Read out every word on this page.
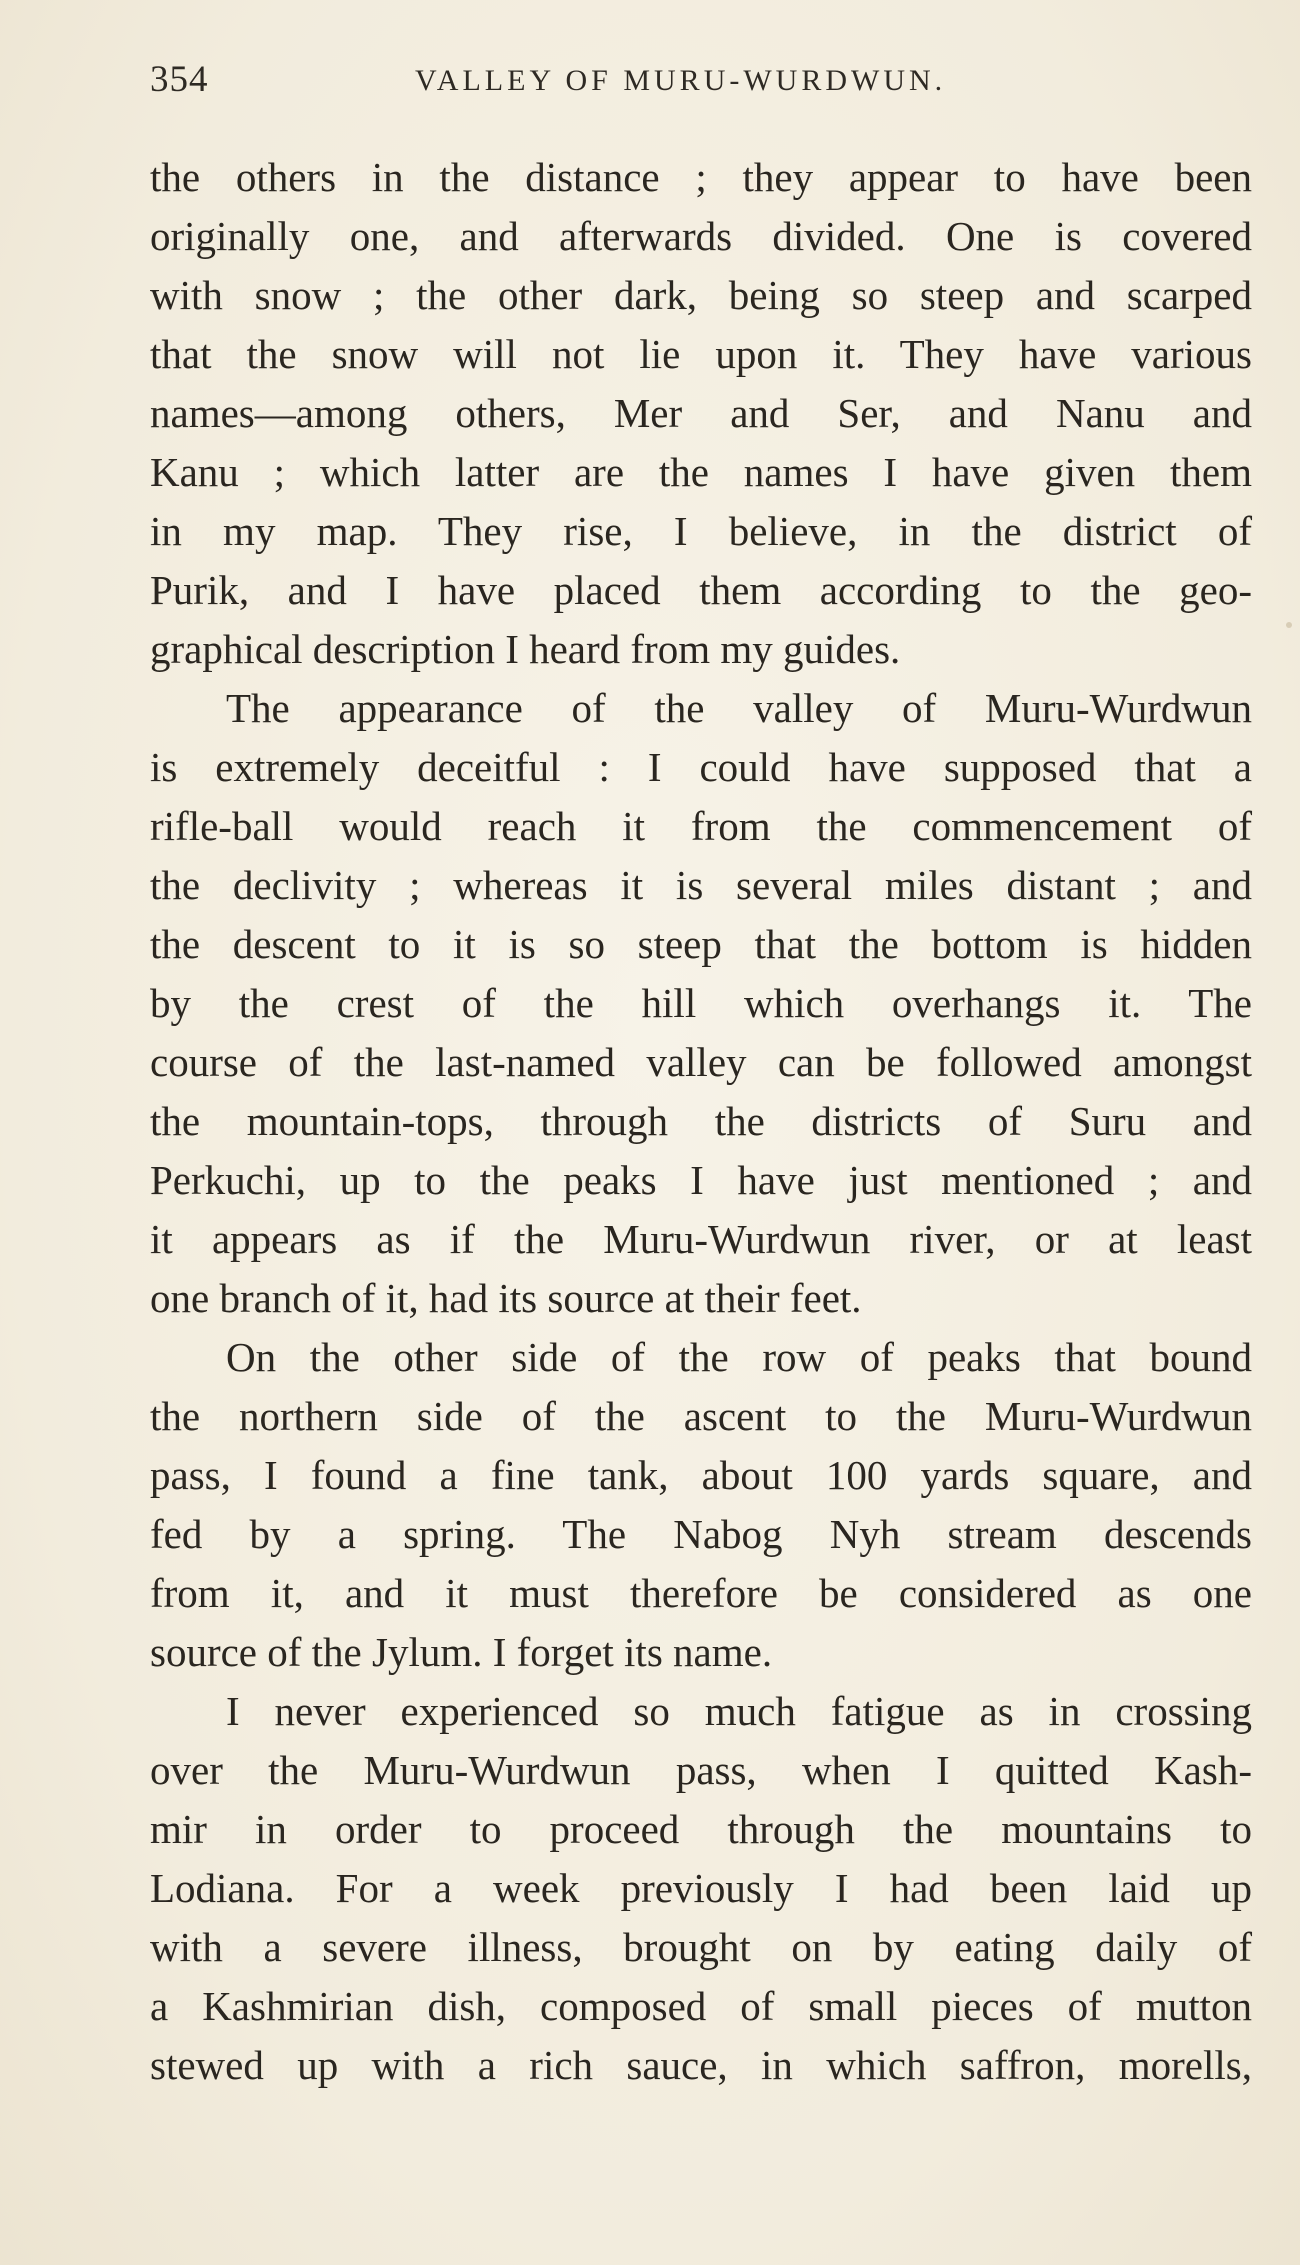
354	VALLEY OF MURU-WURDWUN.
the others in the distance ; they appear to have been
originally one, and afterwards divided. One is covered
with snow ; the other dark, being so steep and scarped
that the snow will not lie upon it. They have various
names—among others, Mer and Ser, and Nanu and
Kanu ; which latter are the names I have given them
in my map. They rise, I believe, in the district of
Purik, and I have placed them according to the geo-
graphical description I heard from my guides.
The appearance of the valley of Muru-Wurdwun
is extremely deceitful : I could have supposed that a
rifle-ball would reach it from the commencement of
the declivity ; whereas it is several miles distant ; and
the descent to it is so steep that the bottom is hidden
by the crest of the hill which overhangs it. The
course of the last-named valley can be followed amongst
the mountain-tops, through the districts of Suru and
Perkuchi, up to the peaks I have just mentioned ; and
it appears as if the Muru-Wurdwun river, or at least
one branch of it, had its source at their feet.
On the other side of the row of peaks that bound
the northern side of the ascent to the Muru-Wurdwun
pass, I found a fine tank, about 100 yards square, and
fed by a spring. The Nabog Nyh stream descends
from it, and it must therefore be considered as one
source of the Jylum. I forget its name.
I never experienced so much fatigue as in crossing
over the Muru-Wurdwun pass, when I quitted Kash-
mir in order to proceed through the mountains to
Lodiana. For a week previously I had been laid up
with a severe illness, brought on by eating daily of
a Kashmirian dish, composed of small pieces of mutton
stewed up with a rich sauce, in which saffron, morells,
